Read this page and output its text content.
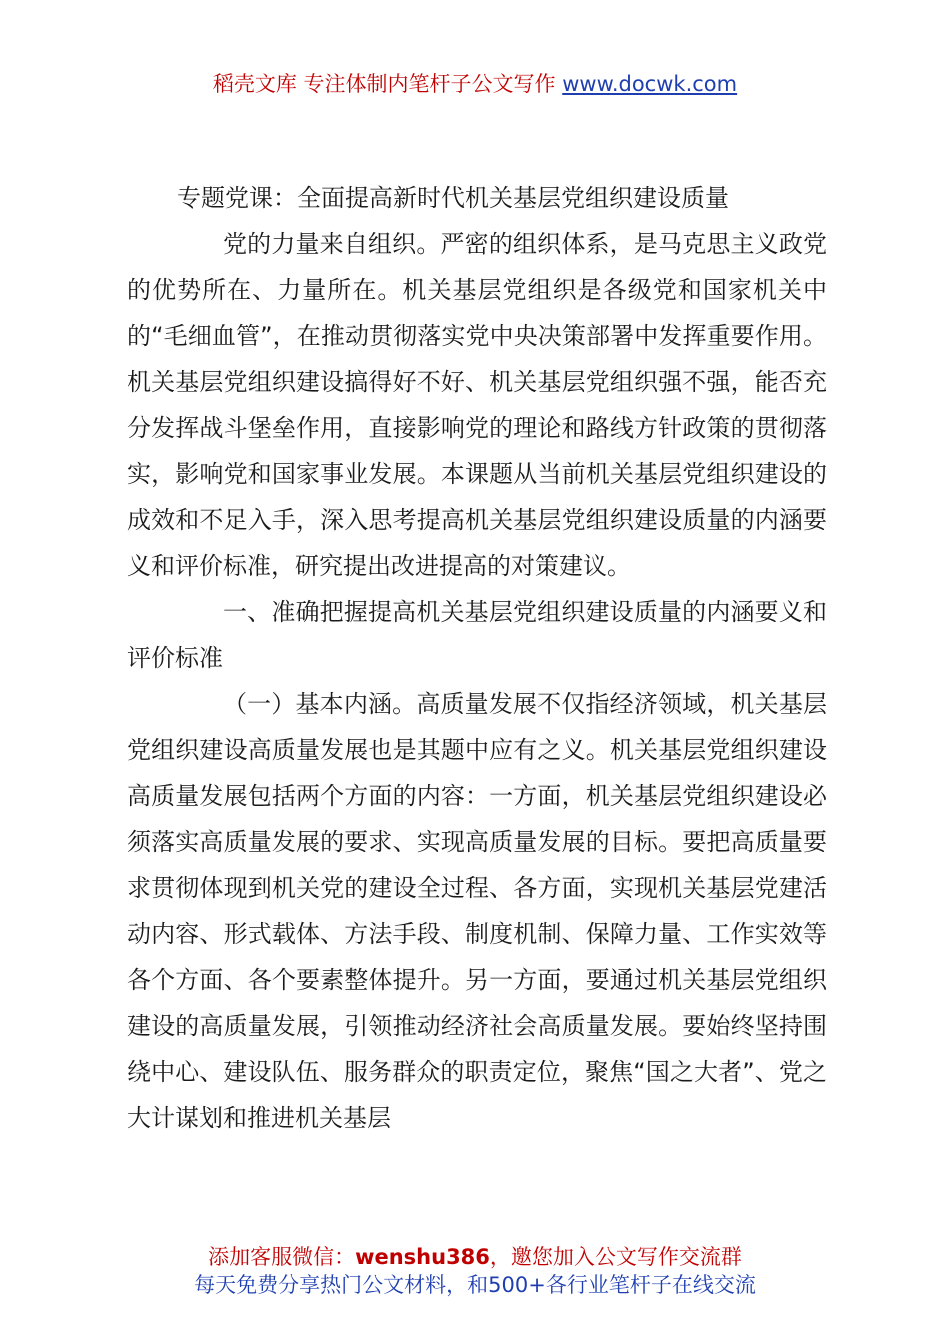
稻壳文库 专注体制内笔杆子公文写作 www.docwk.com
专题党课：全面提高新时代机关基层党组织建设质量

党的力量来自组织。严密的组织体系，是马克思主义政党的优势所在、力量所在。机关基层党组织是各级党和国家机关中的“毛细血管”，在推动贯彻落实党中央决策部署中发挥重要作用。机关基层党组织建设搞得好不好、机关基层党组织强不强，能否充分发挥战斗堡垒作用，直接影响党的理论和路线方针政策的贯彻落实，影响党和国家事业发展。本课题从当前机关基层党组织建设的成效和不足入手，深入思考提高机关基层党组织建设质量的内涵要义和评价标准，研究提出改进提高的对策建议。

一、准确把握提高机关基层党组织建设质量的内涵要义和评价标准

（一）基本内涵。高质量发展不仅指经济领域，机关基层党组织建设高质量发展也是其题中应有之义。机关基层党组织建设高质量发展包括两个方面的内容：一方面，机关基层党组织建设必须落实高质量发展的要求、实现高质量发展的目标。要把高质量要求贯彻体现到机关党的建设全过程、各方面，实现机关基层党建活动内容、形式载体、方法手段、制度机制、保障力量、工作实效等各个方面、各个要素整体提升。另一方面，要通过机关基层党组织建设的高质量发展，引领推动经济社会高质量发展。要始终坚持围绕中心、建设队伍、服务群众的职责定位，聚焦“国之大者”、党之大计谋划和推进机关基层

添加客服微信：wenshu386，邀您加入公文写作交流群
每天免费分享热门公文材料，和500+各行业笔杆子在线交流
